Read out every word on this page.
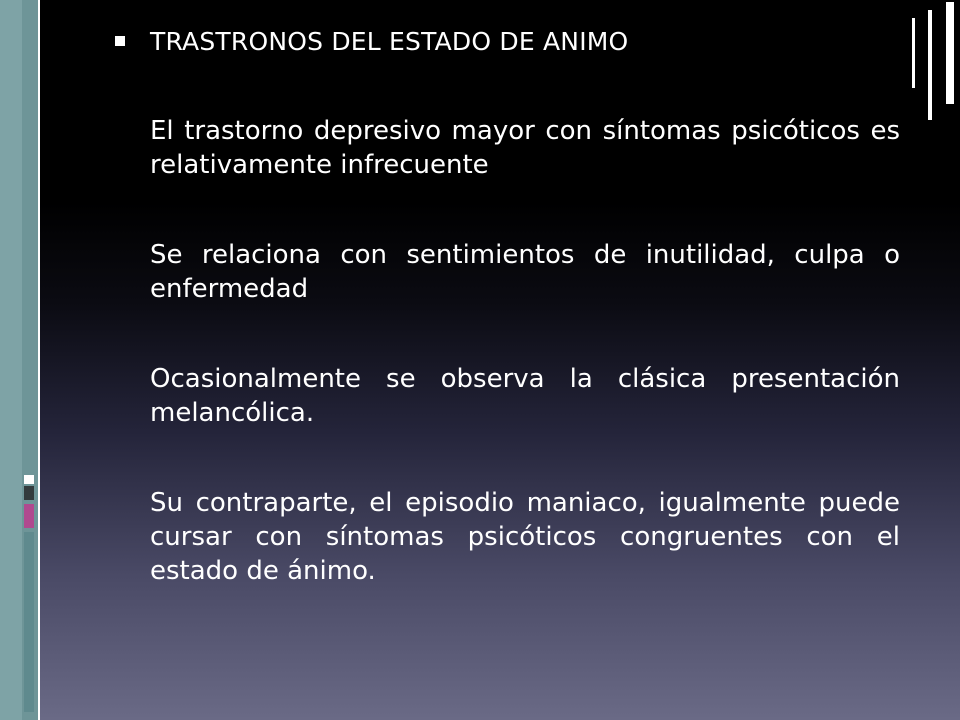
TRASTRONOS DEL ESTADO DE ANIMO

El trastorno depresivo mayor con síntomas psicóticos es relativamente infrecuente

Se relaciona con sentimientos de inutilidad, culpa o enfermedad

Ocasionalmente se observa la clásica presentación melancólica.

Su contraparte, el episodio maniaco, igualmente puede cursar con síntomas psicóticos congruentes con el estado de ánimo.
